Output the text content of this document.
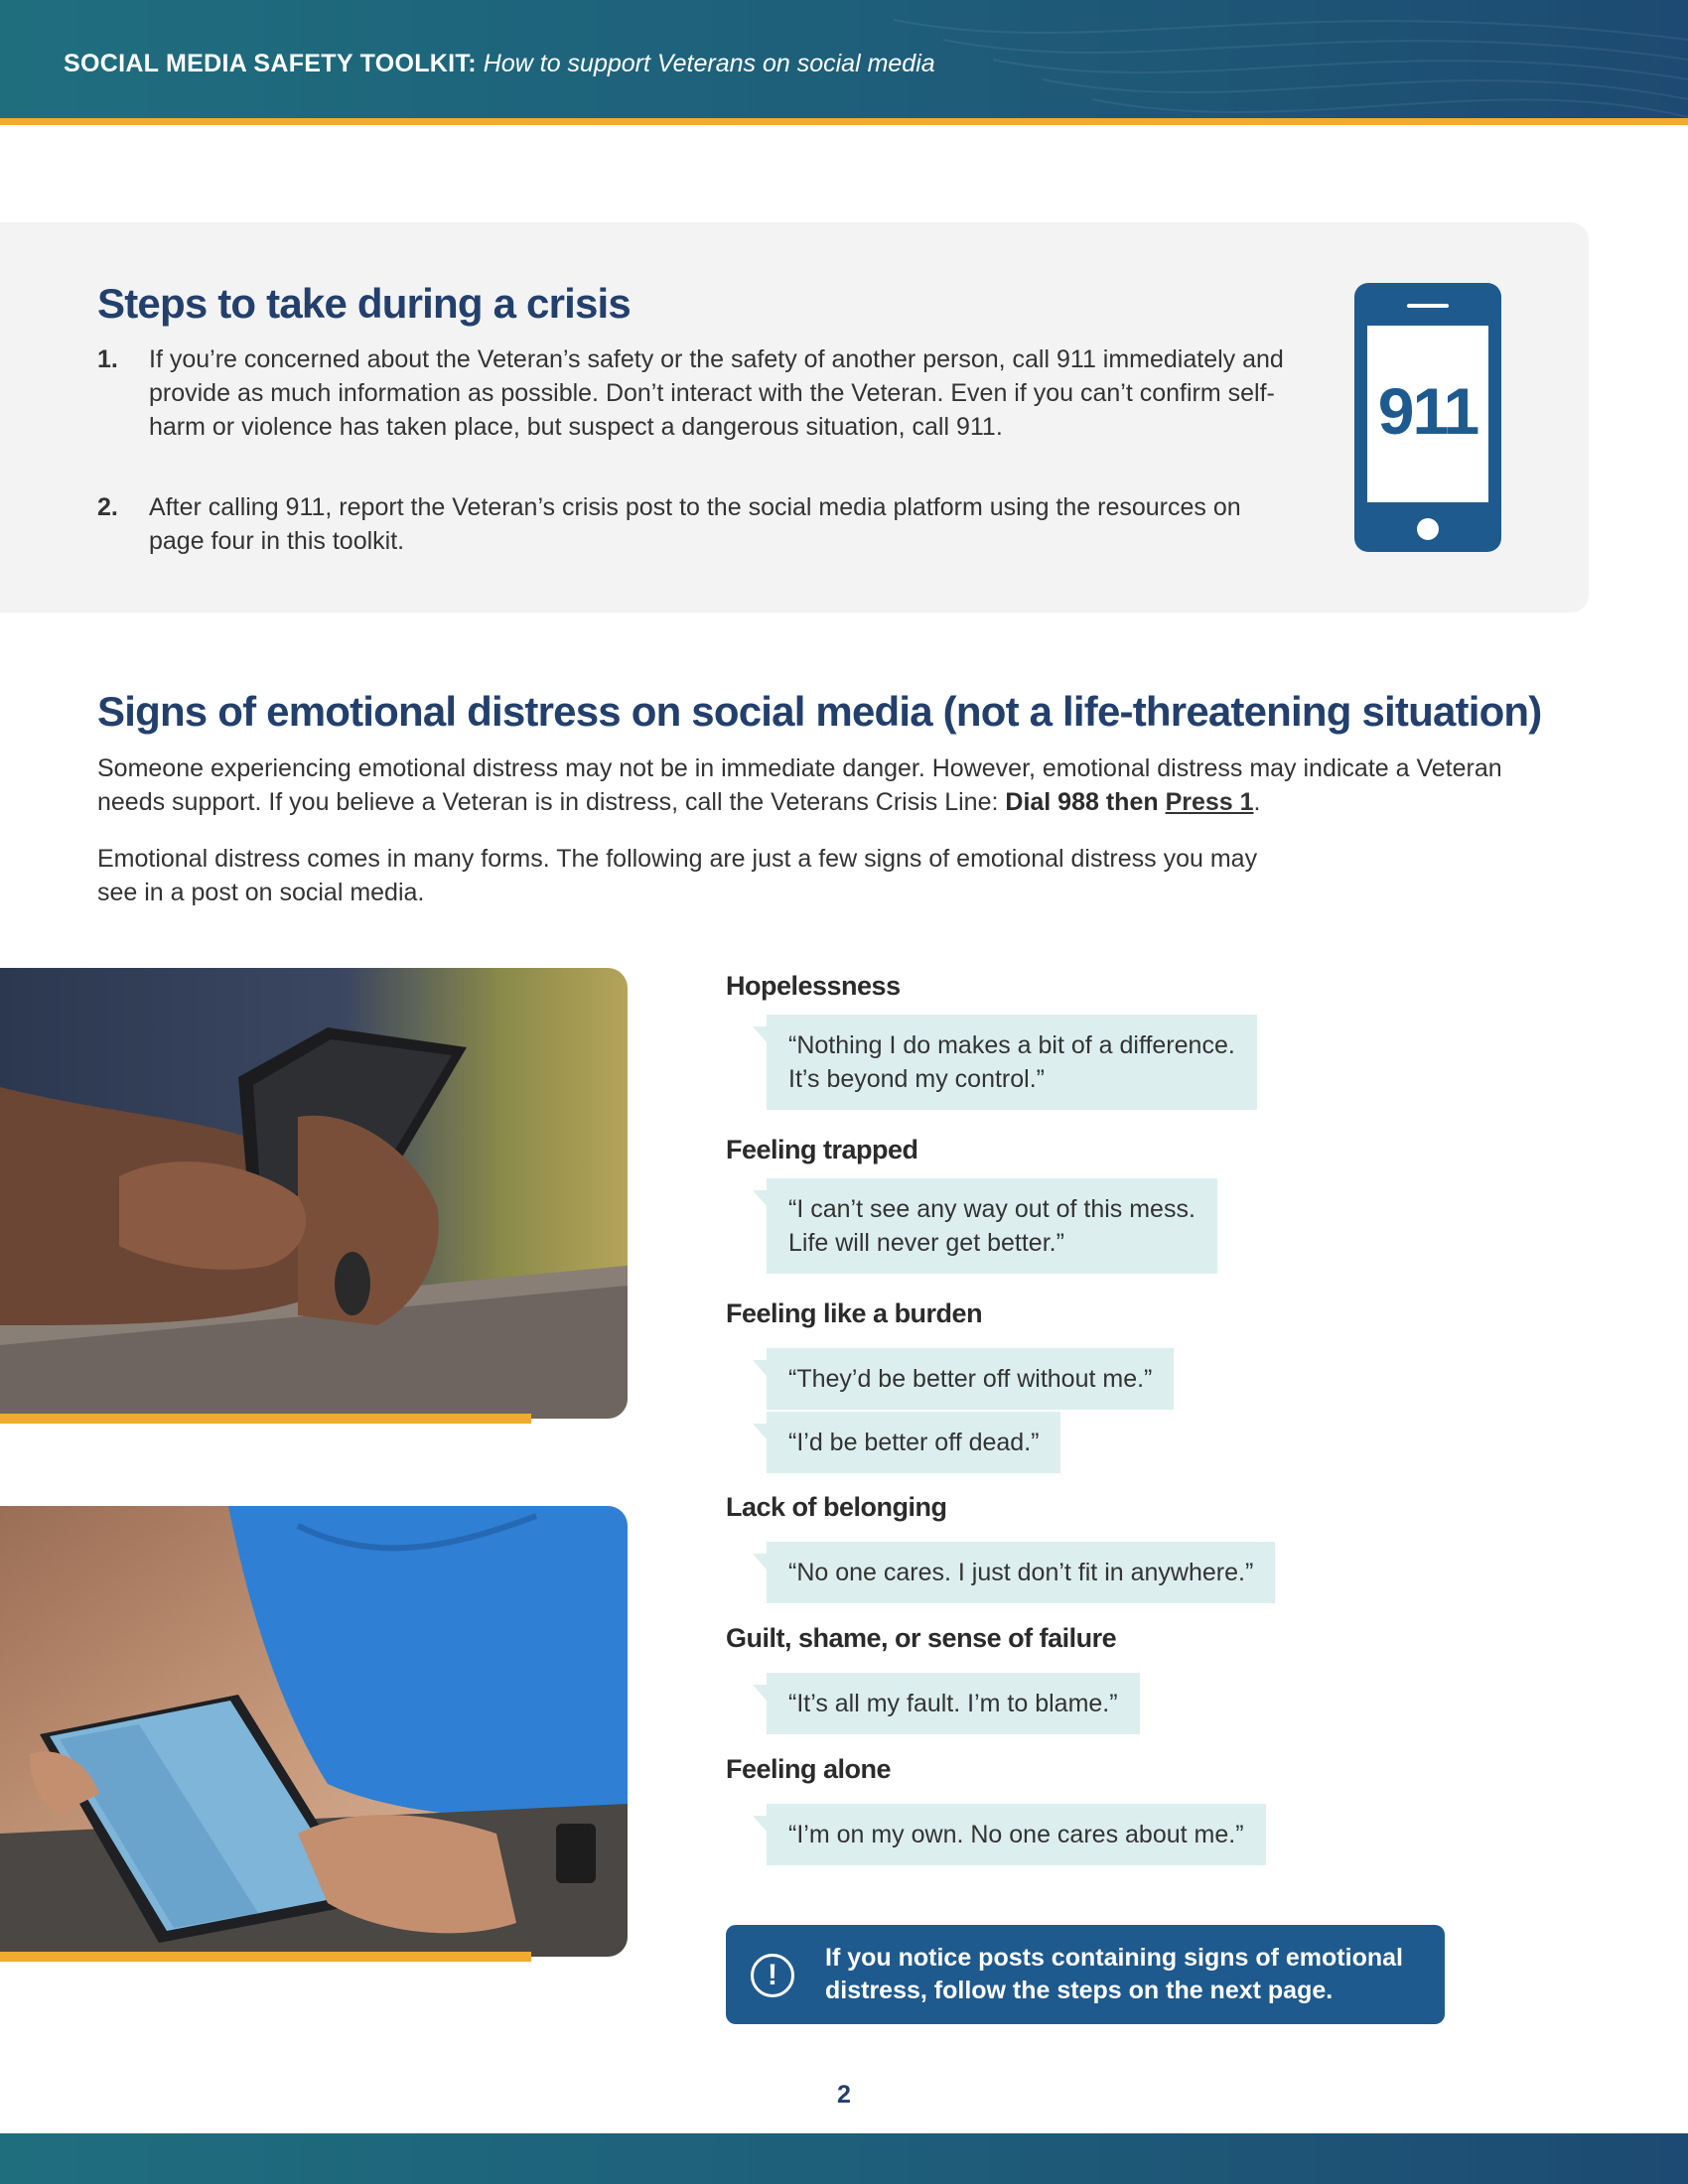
SOCIAL MEDIA SAFETY TOOLKIT: How to support Veterans on social media
Steps to take during a crisis
1.	If you’re concerned about the Veteran’s safety or the safety of another person, call 911 immediately and provide as much information as possible. Don’t interact with the Veteran. Even if you can’t confirm self-harm or violence has taken place, but suspect a dangerous situation, call 911.
2.	After calling 911, report the Veteran’s crisis post to the social media platform using the resources on page four in this toolkit.
911
Signs of emotional distress on social media (not a life-threatening situation)
Someone experiencing emotional distress may not be in immediate danger. However, emotional distress may indicate a Veteran needs support. If you believe a Veteran is in distress, call the Veterans Crisis Line: Dial 988 then Press 1.
Emotional distress comes in many forms. The following are just a few signs of emotional distress you may see in a post on social media.
Hopelessness
“Nothing I do makes a bit of a difference.
It’s beyond my control.”
Feeling trapped
“I can’t see any way out of this mess.
Life will never get better.”
Feeling like a burden
“They’d be better off without me.”
“I’d be better off dead.”
Lack of belonging
“No one cares. I just don’t fit in anywhere.”
Guilt, shame, or sense of failure
“It’s all my fault. I’m to blame.”
Feeling alone
“I’m on my own. No one cares about me.”
!
If you notice posts containing signs of emotional distress, follow the steps on the next page.
2
